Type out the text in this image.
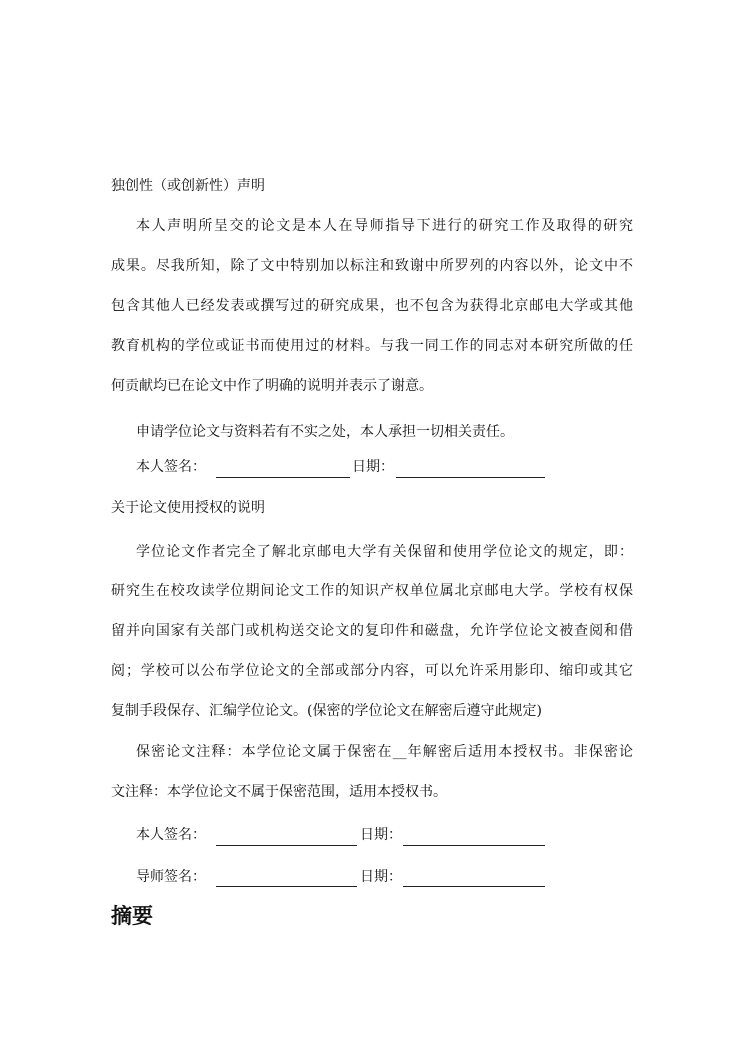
独创性（或创新性）声明
本人声明所呈交的论文是本人在导师指导下进行的研究工作及取得的研究
成果。尽我所知，除了文中特别加以标注和致谢中所罗列的内容以外，论文中不
包含其他人已经发表或撰写过的研究成果，也不包含为获得北京邮电大学或其他
教育机构的学位或证书而使用过的材料。与我一同工作的同志对本研究所做的任
何贡献均已在论文中作了明确的说明并表示了谢意。
申请学位论文与资料若有不实之处，本人承担一切相关责任。
本人签名：	日期：
关于论文使用授权的说明
学位论文作者完全了解北京邮电大学有关保留和使用学位论文的规定，即：
研究生在校攻读学位期间论文工作的知识产权单位属北京邮电大学。学校有权保
留并向国家有关部门或机构送交论文的复印件和磁盘，允许学位论文被查阅和借
阅；学校可以公布学位论文的全部或部分内容，可以允许采用影印、缩印或其它
复制手段保存、汇编学位论文。(保密的学位论文在解密后遵守此规定)
保密论文注释：本学位论文属于保密在__年解密后适用本授权书。非保密论
文注释：本学位论文不属于保密范围，适用本授权书。
本人签名：	日期：
导师签名：	日期：
摘要
